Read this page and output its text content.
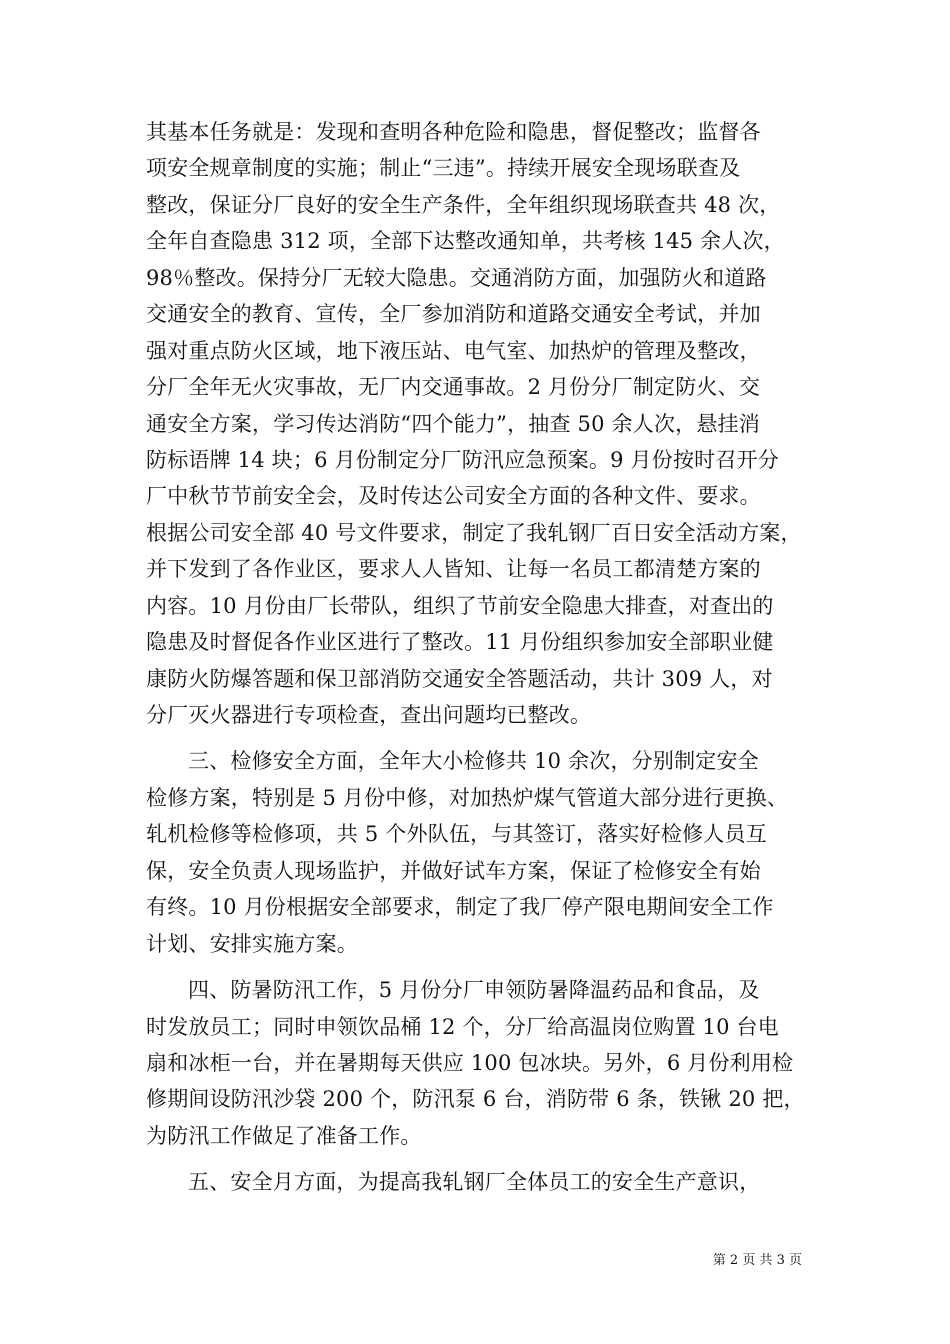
其基本任务就是：发现和查明各种危险和隐患，督促整改；监督各
项安全规章制度的实施；制止“三违”。持续开展安全现场联查及
整改，保证分厂良好的安全生产条件，全年组织现场联查共 48 次，
全年自查隐患 312 项，全部下达整改通知单，共考核 145 余人次，
98％整改。保持分厂无较大隐患。交通消防方面，加强防火和道路
交通安全的教育、宣传，全厂参加消防和道路交通安全考试，并加
强对重点防火区域，地下液压站、电气室、加热炉的管理及整改，
分厂全年无火灾事故，无厂内交通事故。2 月份分厂制定防火、交
通安全方案，学习传达消防“四个能力”，抽查 50 余人次，悬挂消
防标语牌 14 块；6 月份制定分厂防汛应急预案。9 月份按时召开分
厂中秋节节前安全会，及时传达公司安全方面的各种文件、要求。
根据公司安全部 40 号文件要求，制定了我轧钢厂百日安全活动方案，
并下发到了各作业区，要求人人皆知、让每一名员工都清楚方案的
内容。10 月份由厂长带队，组织了节前安全隐患大排查，对查出的
隐患及时督促各作业区进行了整改。11 月份组织参加安全部职业健
康防火防爆答题和保卫部消防交通安全答题活动，共计 309 人，对
分厂灭火器进行专项检查，查出问题均已整改。
三、检修安全方面，全年大小检修共 10 余次，分别制定安全
检修方案，特别是 5 月份中修，对加热炉煤气管道大部分进行更换、
轧机检修等检修项，共 5 个外队伍，与其签订，落实好检修人员互
保，安全负责人现场监护，并做好试车方案，保证了检修安全有始
有终。10 月份根据安全部要求，制定了我厂停产限电期间安全工作
计划、安排实施方案。
四、防暑防汛工作，5 月份分厂申领防暑降温药品和食品，及
时发放员工；同时申领饮品桶 12 个，分厂给高温岗位购置 10 台电
扇和冰柜一台，并在暑期每天供应 100 包冰块。另外，6 月份利用检
修期间设防汛沙袋 200 个，防汛泵 6 台，消防带 6 条，铁锹 20 把，
为防汛工作做足了准备工作。
五、安全月方面，为提高我轧钢厂全体员工的安全生产意识，
第 2 页 共 3 页
